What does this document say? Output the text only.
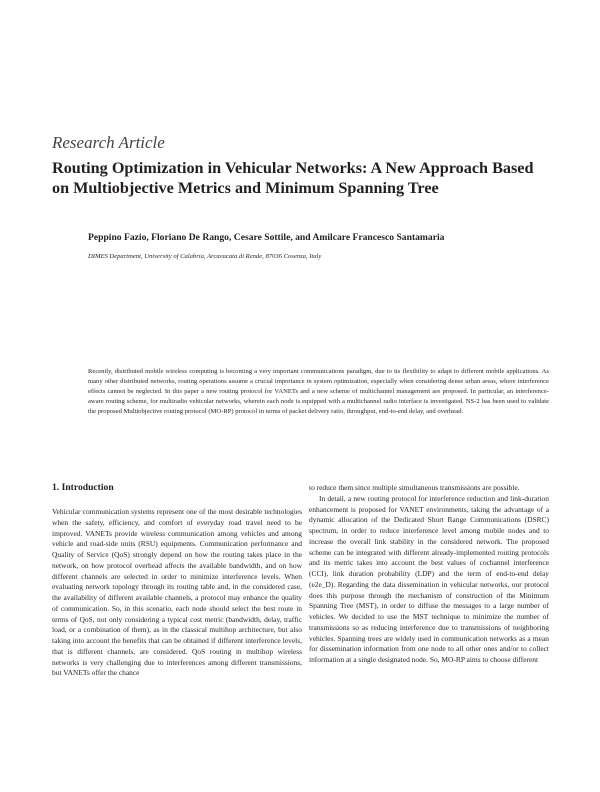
Research Article
Routing Optimization in Vehicular Networks: A New Approach Based on Multiobjective Metrics and Minimum Spanning Tree
Peppino Fazio, Floriano De Rango, Cesare Sottile, and Amilcare Francesco Santamaria
DIMES Department, University of Calabria, Arcavacata di Rende, 87036 Cosenza, Italy

Recently, distributed mobile wireless computing is becoming a very important communications paradigm, due to its flexibility to adapt to different mobile applications. As many other distributed networks, routing operations assume a crucial importance in system optimization, especially when considering dense urban areas, where interference effects cannot be neglected. In this paper a new routing protocol for VANETs and a new scheme of multichannel management are proposed. In particular, an interference-aware routing scheme, for multiradio vehicular networks, wherein each node is equipped with a multichannel radio interface is investigated. NS-2 has been used to validate the proposed Multiobjective routing protocol (MO-RP) protocol in terms of packet delivery ratio, throughput, end-to-end delay, and overhead.

1. Introduction

Vehicular communication systems represent one of the most desirable technologies when the safety, efficiency, and comfort of everyday road travel need to be improved. VANETs provide wireless communication among vehicles and among vehicle and road-side units (RSU) equipments. Communication performance and Quality of Service (QoS) strongly depend on how the routing takes place in the network, on how protocol overhead affects the available bandwidth, and on how different channels are selected in order to minimize interference levels. When evaluating network topology through its routing table and, in the considered case, the availability of different available channels, a protocol may enhance the quality of communication. So, in this scenario, each node should select the best route in terms of QoS, not only considering a typical cost metric (bandwidth, delay, traffic load, or a combination of them), as in the classical multihop architecture, but also taking into account the benefits that can be obtained if different interference levels, that is different channels, are considered. QoS routing in multihop wireless networks is very challenging due to interferences among different transmissions, but VANETs offer the chance

to reduce them since multiple simultaneous transmissions are possible.

In detail, a new routing protocol for interference reduction and link-duration enhancement is proposed for VANET environments, taking the advantage of a dynamic allocation of the Dedicated Short Range Communications (DSRC) spectrum, in order to reduce interference level among mobile nodes and to increase the overall link stability in the considered network. The proposed scheme can be integrated with different already-implemented routing protocols and its metric takes into account the best values of cochannel interference (CCI), link duration probability (LDP) and the term of end-to-end delay (e2e_D). Regarding the data dissemination in vehicular networks, our protocol does this purpose through the mechanism of construction of the Minimum Spanning Tree (MST), in order to diffuse the messages to a large number of vehicles. We decided to use the MST technique to minimize the number of transmissions so as reducing interference due to transmissions of neighboring vehicles. Spanning trees are widely used in communication networks as a mean for dissemination information from one node to all other ones and/or to collect information at a single designated node. So, MO-RP aims to choose different
